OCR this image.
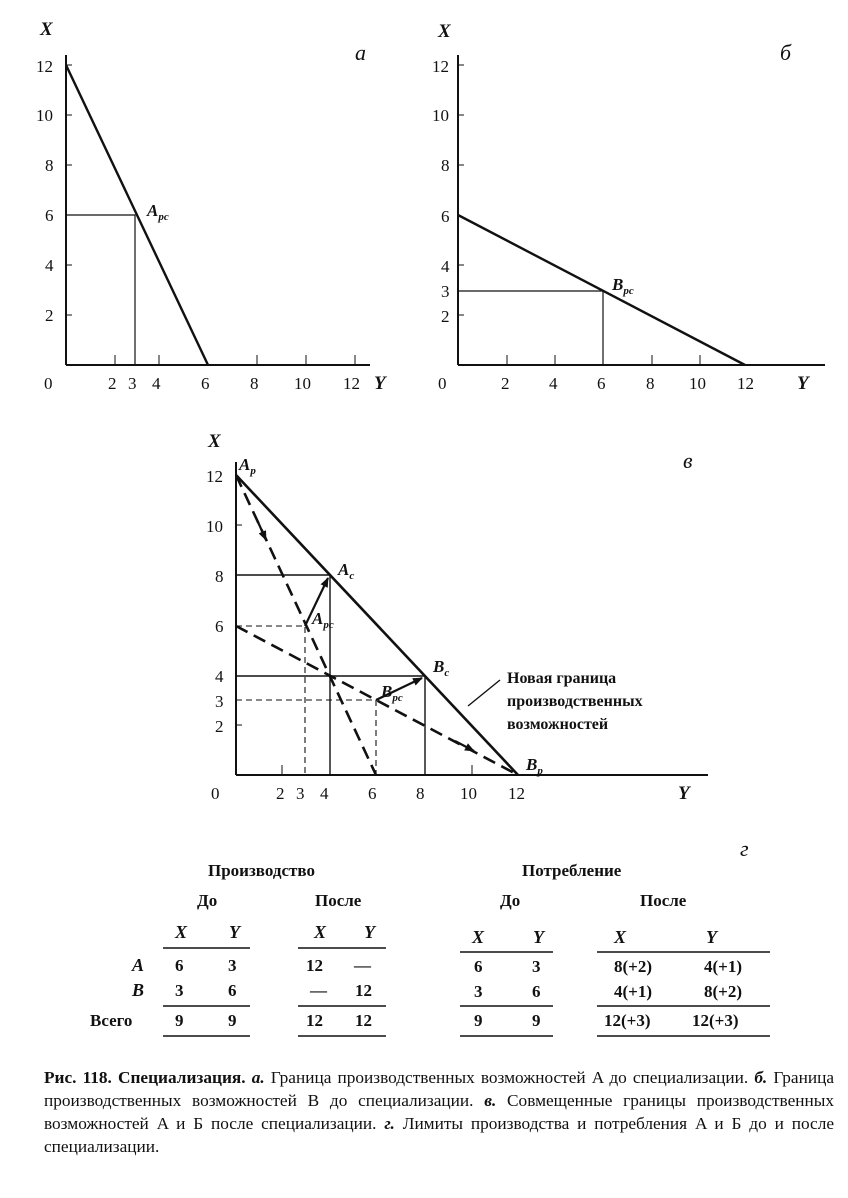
X
Y
0
а
12
10
8
6
4
2
2 3 4 6 8 10 12
$A_{pc}$
X
Y
0
б
12
10
8
6
4
3
2
2 4 6 8 10 12
$B_{pc}$
X
Y
0
в
12
10
8
6
4
3
2
2 3 4 6 8 10 12
$A_p$
$A_c$
$A_{pc}$
$B_c$
$B_{pc}$
$B_p$
Новая граница
производственных
возможностей
г
Производство	Потребление
До	После	До	После
X Y	X Y	X	Y	X	Y
A 6	3	12 —	6	3	8(+2)	4(+1)
B 3	6	— 12	3	6	4(+1)	8(+2)
Всего	9	9	12 12	9	9	12(+3) 12(+3)
Рис. 118. Специализация. а. Граница производственных возможностей A до специализации. б. Граница производственных возможностей B до специализации. в. Совмещенные границы производственных возможностей A и Б после специализации. г. Лимиты производства и потребления A и Б до и после специализации.
